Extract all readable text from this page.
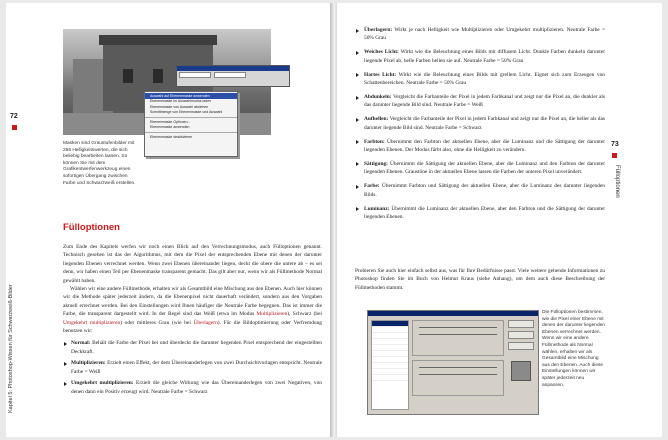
Auswahl auf Ebenenmaske anwenden
Ebenenmaske im Auswahlmodus laden
Ebenenmaske von Auswahl abziehen
Schnittmenge von Ebenenmaske und Auswahl
Ebenenmaske Optionen...
Ebenenmaske anwenden
Ebenenmaske deaktivieren
Masken sind Graustufenbilder mit 256 Helligkeitswerten, die sich beliebig bearbeiten lassen. So können Sie mit dem Grafikentwerfenwerkzeug einen sofortigen Übergang zwischen Farbe und Schwarzweiß erstellen.
72
Kapitel 5: Photoshop-Wissen für Schwarzweiß-Bilder
Fülloptionen

Zum Ende des Kapitels werfen wir noch einen Blick auf den Verrechnungsmodus, auch Fülloptionen genannt. Technisch gesehen ist das der Algorithmus, mit dem die Pixel der entsprechenden Ebene mit denen der darunter liegenden Ebenen verrechnet werden. Wenn zwei Ebenen übereinander liegen, deckt die obere die untere ab – es sei denn, wir haben einen Teil per Ebenenmaske transparent gemacht. Das gilt aber nur, wenn wir als Füllmethode Normal gewählt haben.

Wählen wir eine andere Füllmethode, erhalten wir als Gesamtbild eine Mischung aus den Ebenen. Auch hier können wir die Methode später jederzeit ändern, da die Ebenenpixel nicht dauerhaft verändert, sondern aus den Vorgaben aktuell errechnet werden. Bei den Einstellungen wird Ihnen häufiger die Neutrale Farbe begegnen. Das ist immer die Farbe, die transparent dargestellt wird. In der Regel sind das Weiß (etwa im Modus Multiplizieren), Schwarz (bei Umgekehrt multiplizieren) oder mittleres Grau (wie bei Überlagern). Für die Bildoptimierung oder Verfremdung benutzen wir:

Normal: Behält die Farbe der Pixel bei und überdeckt die darunter liegenden Pixel entsprechend der eingestellten Deckkraft.
Multiplizieren: Erzielt einen Effekt, der dem Übereinanderlegen von zwei Durchsichtvorlagen entspricht. Neutrale Farbe = Weiß
Umgekehrt multiplizieren: Erzielt die gleiche Wirkung wie das Übereinanderlegen von zwei Negativen, von denen dann ein Positiv erzeugt wird. Neutrale Farbe = Schwarz
Überlagern: Wirkt je nach Helligkeit wie Multiplizieren oder Umgekehrt multiplizieren. Neutrale Farbe = 50% Grau
Weiches Licht: Wirkt wie die Beleuchtung eines Bilds mit diffusem Licht. Dunkle Farben dunkeln darunter liegende Pixel ab, helle Farben hellen sie auf. Neutrale Farbe = 50% Grau
Hartes Licht: Wirkt wie die Beleuchtung eines Bilds mit grellem Licht. Eignet sich zum Erzeugen von Schattenbereichen. Neutrale Farbe = 50% Grau
Abdunkeln: Vergleicht die Farbanteile der Pixel in jedem Farbkanal und zeigt nur die Pixel an, die dunkler als das darunter liegende Bild sind. Neutrale Farbe = Weiß
Aufhellen: Vergleicht die Farbanteile der Pixel in jedem Farbkanal und zeigt nur die Pixel an, die heller als das darunter liegende Bild sind. Neutrale Farbe = Schwarz
Farbton: Übernimmt den Farbton der aktuellen Ebene, aber die Luminanz und die Sättigung der darunter liegenden Ebenen. Der Modus färbt also, ohne die Helligkeit zu verändern.
Sättigung: Übernimmt die Sättigung der aktuellen Ebene, aber die Luminanz und den Farbton der darunter liegenden Ebenen. Graustöne in der aktuellen Ebene lassen die Farben der unteren Pixel unverändert.
Farbe: Übernimmt Farbton und Sättigung der aktuellen Ebene, aber die Luminanz des darunter liegenden Bilds.
Luminanz: Übernimmt die Luminanz der aktuellen Ebene, aber den Farbton und die Sättigung der darunter liegenden Ebenen.
Probieren Sie auch hier einfach selbst aus, was für Ihre Bedürfnisse passt. Viele weitere gehende Informationen zu Photoshop finden Sie im Buch von Helmut Kraus (siehe Anhang), um dem auch diese Beschreibung der Füllmethoden stammt.
Die Fülloptionen bestimmen, wie die Pixel einer Ebene mit denen der darunter liegenden Ebenen verrechnet werden. Wenn wir eine andere Füllmethode als Normal wählen, erhalten wir als Gesamtbild eine Mischung aus den Ebenen. Auch diese Einstellungen können wir später jederzeit neu anpassen.
73
Fülloptionen
